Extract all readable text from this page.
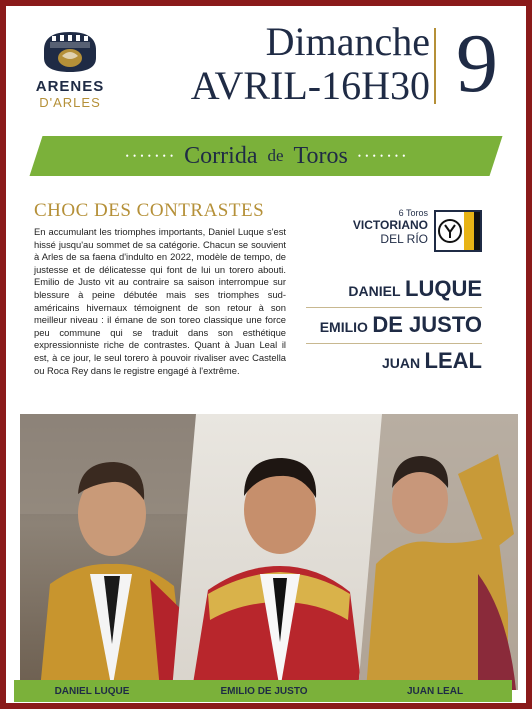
ARENES
D'ARLES
Dimanche
AVRIL-16H30 9
• • • • • • • Corrida de Toros • • • • • • •
CHOC DES CONTRASTES
En accumulant les triomphes importants, Daniel Luque s'est hissé jusqu'au sommet de sa catégorie. Chacun se souvient à Arles de sa faena d'indulto en 2022, modèle de tempo, de justesse et de délicatesse qui font de lui un torero abouti. Emilio de Justo vit au contraire sa saison interrompue sur blessure à peine débutée mais ses triomphes sud-américains hivernaux témoignent de son retour à son meilleur niveau : il émane de son toreo classique une force peu commune qui se traduit dans son esthétique expressionniste riche de contrastes. Quant à Juan Leal il est, à ce jour, le seul torero à pouvoir rivaliser avec Castella ou Roca Rey dans le registre engagé à l'extrême.
6 Toros
VICTORIANO
DEL RÍO
DANIEL LUQUE
EMILIO DE JUSTO
JUAN LEAL
DANIEL LUQUE	EMILIO DE JUSTO	JUAN LEAL
